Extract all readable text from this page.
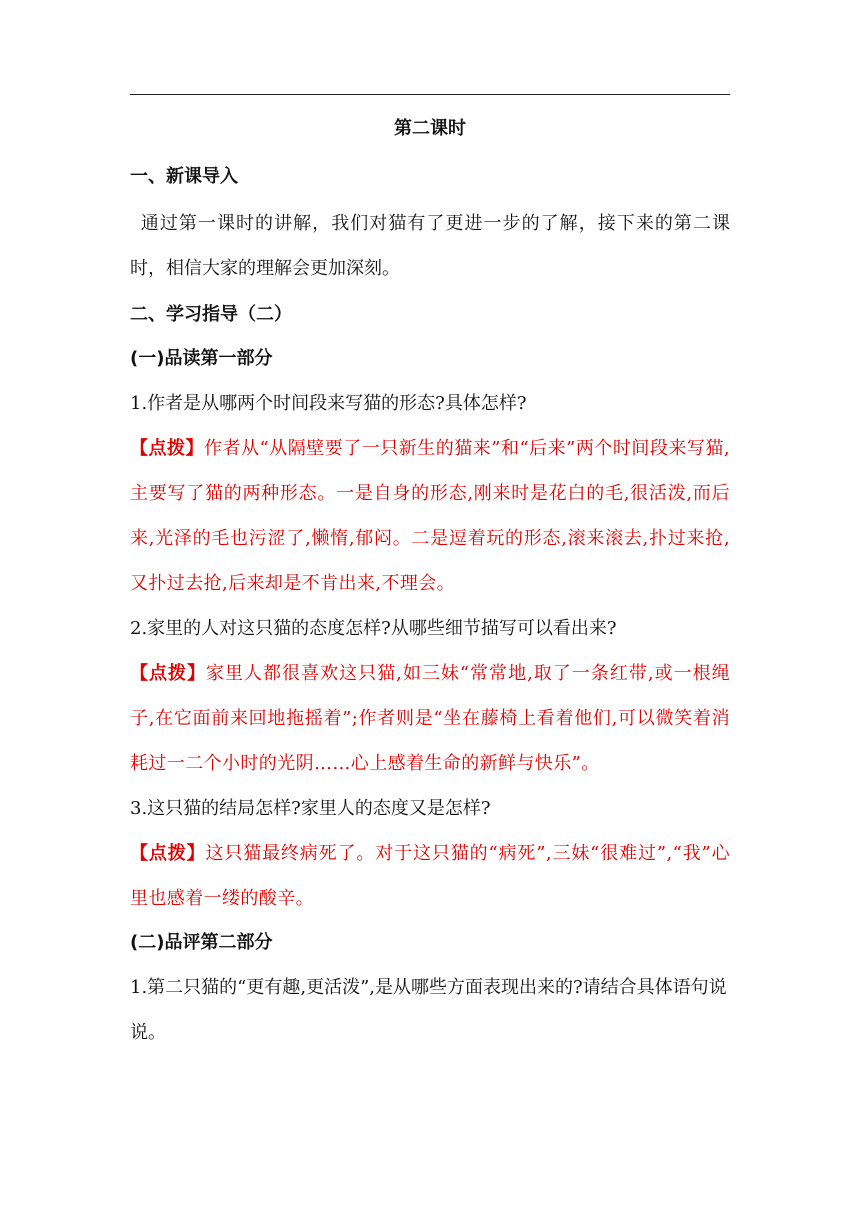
第二课时
一、新课导入

通过第一课时的讲解，我们对猫有了更进一步的了解，接下来的第二课时，相信大家的理解会更加深刻。

二、学习指导（二）
(一)品读第一部分

1.作者是从哪两个时间段来写猫的形态?具体怎样?

【点拨】作者从“从隔壁要了一只新生的猫来”和“后来”两个时间段来写猫,主要写了猫的两种形态。一是自身的形态,刚来时是花白的毛,很活泼,而后来,光泽的毛也污涩了,懒惰,郁闷。二是逗着玩的形态,滚来滚去,扑过来抢,又扑过去抢,后来却是不肯出来,不理会。

2.家里的人对这只猫的态度怎样?从哪些细节描写可以看出来?

【点拨】家里人都很喜欢这只猫,如三妹“常常地,取了一条红带,或一根绳子,在它面前来回地拖摇着”;作者则是“坐在藤椅上看着他们,可以微笑着消耗过一二个小时的光阴……心上感着生命的新鲜与快乐”。

3.这只猫的结局怎样?家里人的态度又是怎样?

【点拨】这只猫最终病死了。对于这只猫的“病死”,三妹“很难过”,“我”心里也感着一缕的酸辛。

(二)品评第二部分

1.第二只猫的“更有趣,更活泼”,是从哪些方面表现出来的?请结合具体语句说说。
